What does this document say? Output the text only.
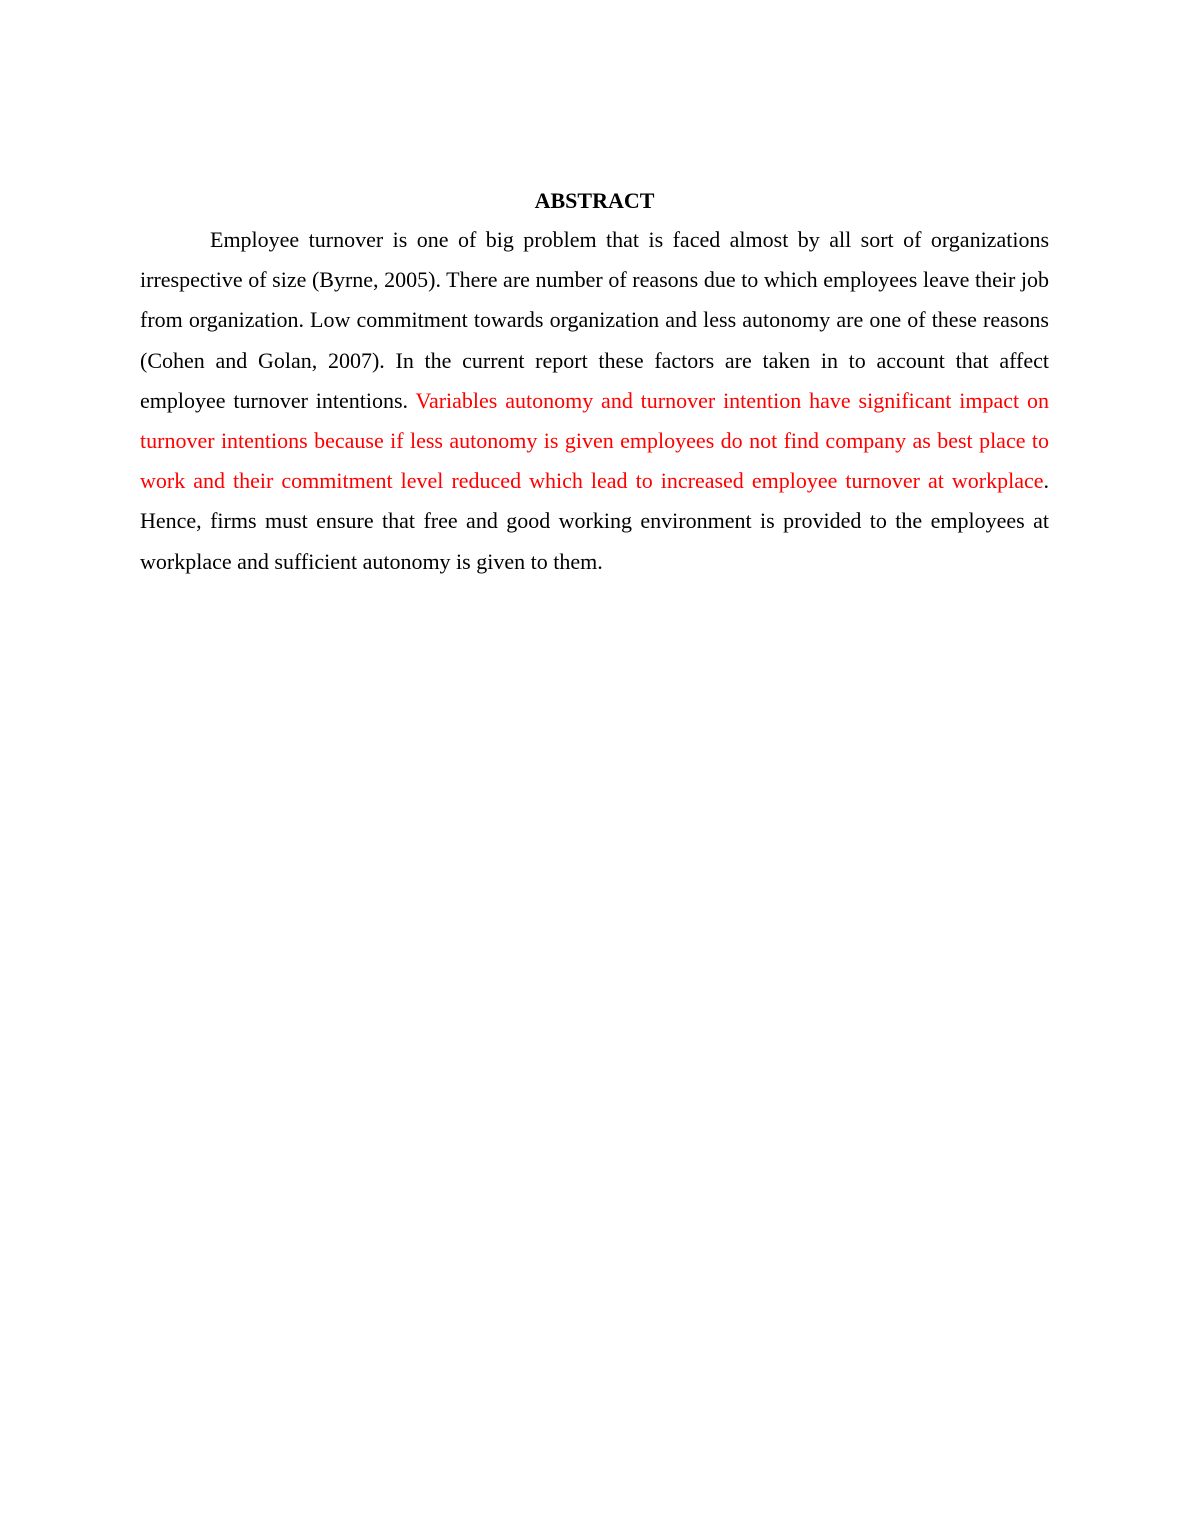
ABSTRACT

Employee turnover is one of big problem that is faced almost by all sort of organizations irrespective of size (Byrne, 2005). There are number of reasons due to which employees leave their job from organization. Low commitment towards organization and less autonomy are one of these reasons (Cohen and Golan, 2007). In the current report these factors are taken in to account that affect employee turnover intentions. Variables autonomy and turnover intention have significant impact on turnover intentions because if less autonomy is given employees do not find company as best place to work and their commitment level reduced which lead to increased employee turnover at workplace. Hence, firms must ensure that free and good working environment is provided to the employees at workplace and sufficient autonomy is given to them.
